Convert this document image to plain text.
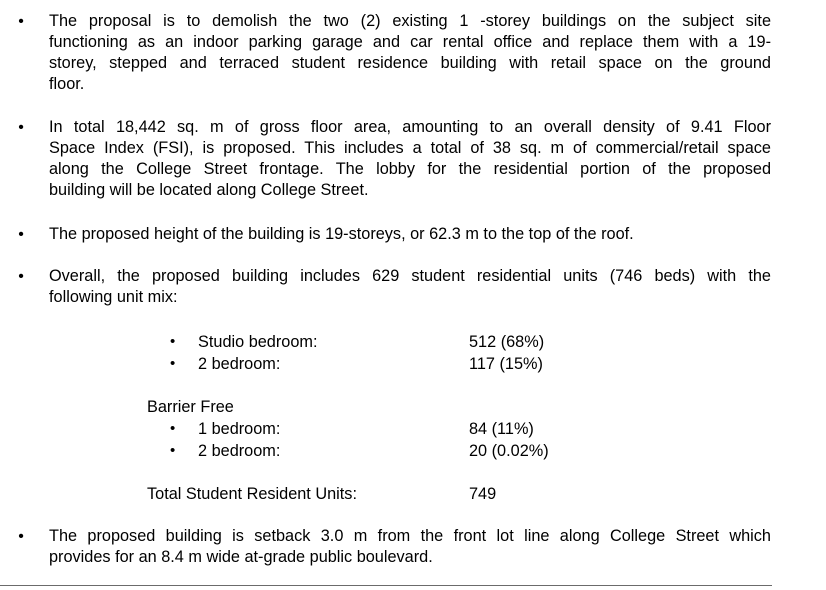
• The proposal is to demolish the two (2) existing 1 -storey buildings on the subject site
functioning as an indoor parking garage and car rental office and replace them with a 19-
storey, stepped and terraced student residence building with retail space on the ground
floor.
• In total 18,442 sq. m of gross floor area, amounting to an overall density of 9.41 Floor
Space Index (FSI), is proposed. This includes a total of 38 sq. m of commercial/retail space
along the College Street frontage. The lobby for the residential portion of the proposed
building will be located along College Street.
• The proposed height of the building is 19-storeys, or 62.3 m to the top of the roof.
• Overall, the proposed building includes 629 student residential units (746 beds) with the
following unit mix:
• Studio bedroom:	512 (68%)
• 2 bedroom:	117 (15%)
Barrier Free
• 1 bedroom:	84 (11%)
• 2 bedroom:	20 (0.02%)
Total Student Resident Units:	749
• The proposed building is setback 3.0 m from the front lot line along College Street which
provides for an 8.4 m wide at-grade public boulevard.
